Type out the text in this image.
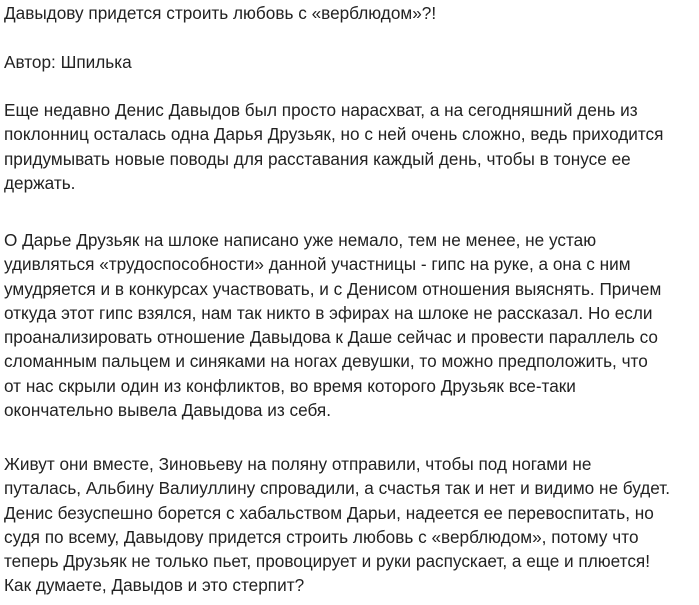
Давыдову придется строить любовь с «верблюдом»?!

Автор: Шпилька

Еще недавно Денис Давыдов был просто нарасхват, а на сегодняшний день из
поклонниц осталась одна Дарья Друзьяк, но с ней очень сложно, ведь приходится
придумывать новые поводы для расставания каждый день, чтобы в тонусе ее
держать.

О Дарье Друзьяк на шлоке написано уже немало, тем не менее, не устаю
удивляться «трудоспособности» данной участницы - гипс на руке, а она с ним
умудряется и в конкурсах участвовать, и с Денисом отношения выяснять. Причем
откуда этот гипс взялся, нам так никто в эфирах на шлоке не рассказал. Но если
проанализировать отношение Давыдова к Даше сейчас и провести параллель со
сломанным пальцем и синяками на ногах девушки, то можно предположить, что
от нас скрыли один из конфликтов, во время которого Друзьяк все-таки
окончательно вывела Давыдова из себя.

Живут они вместе, Зиновьеву на поляну отправили, чтобы под ногами не
путалась, Альбину Валиуллину спровадили, а счастья так и нет и видимо не будет.
Денис безуспешно борется с хабальством Дарьи, надеется ее перевоспитать, но
судя по всему, Давыдову придется строить любовь с «верблюдом», потому что
теперь Друзьяк не только пьет, провоцирует и руки распускает, а еще и плюется!
Как думаете, Давыдов и это стерпит?
